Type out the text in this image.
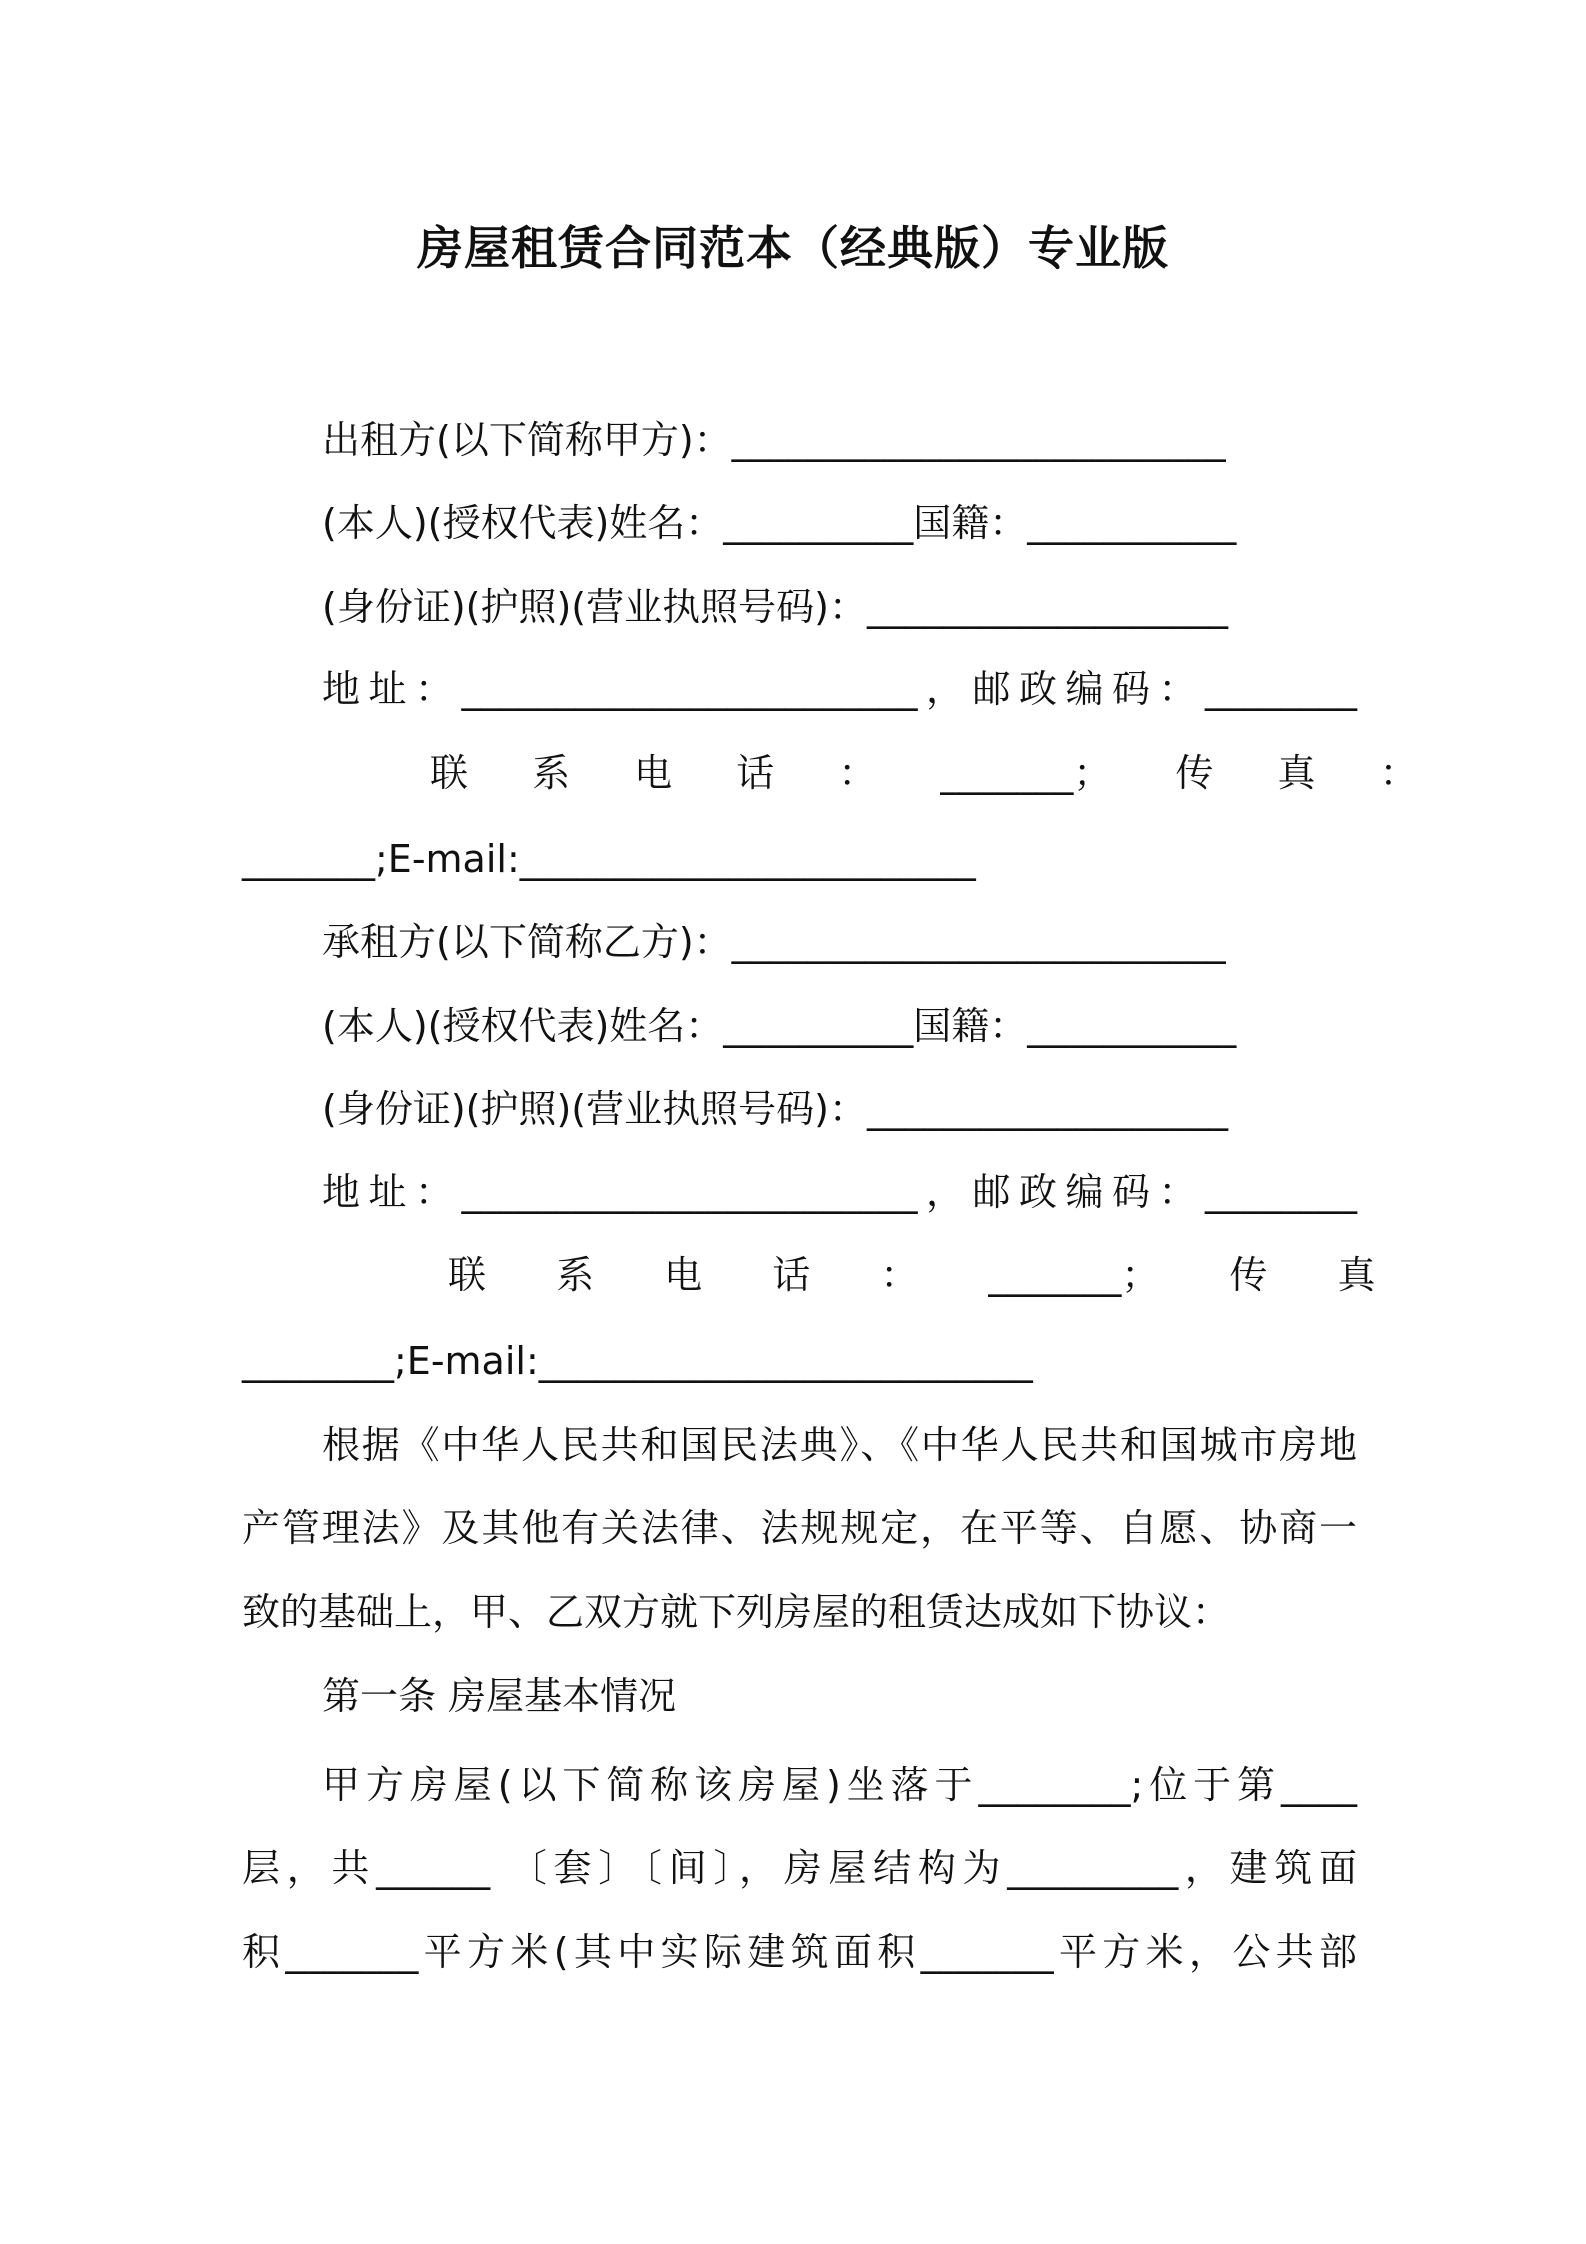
房屋租赁合同范本（经典版）专业版
出租方(以下简称甲方)：__________________________
(本人)(授权代表)姓名：__________国籍：___________
(身份证)(护照)(营业执照号码)：___________________
地址：________________________，邮政编码：________
联 系 电 话 ： _______； 传 真 ：
_______;E-mail:________________________
承租方(以下简称乙方)：__________________________
(本人)(授权代表)姓名：__________国籍：___________
(身份证)(护照)(营业执照号码)：___________________
地址：________________________，邮政编码：________
联 系 电 话 ： _______； 传 真
________;E-mail:__________________________
根据《中华人民共和国民法典》、《中华人民共和国城市房地
产管理法》及其他有关法律、法规规定，在平等、自愿、协商一
致的基础上，甲、乙双方就下列房屋的租赁达成如下协议：
第一条 房屋基本情况
甲方房屋(以下简称该房屋)坐落于________;位于第____
层，共______ 〔套〕〔间〕，房屋结构为_________，建筑面
积_______平方米(其中实际建筑面积_______平方米，公共部
